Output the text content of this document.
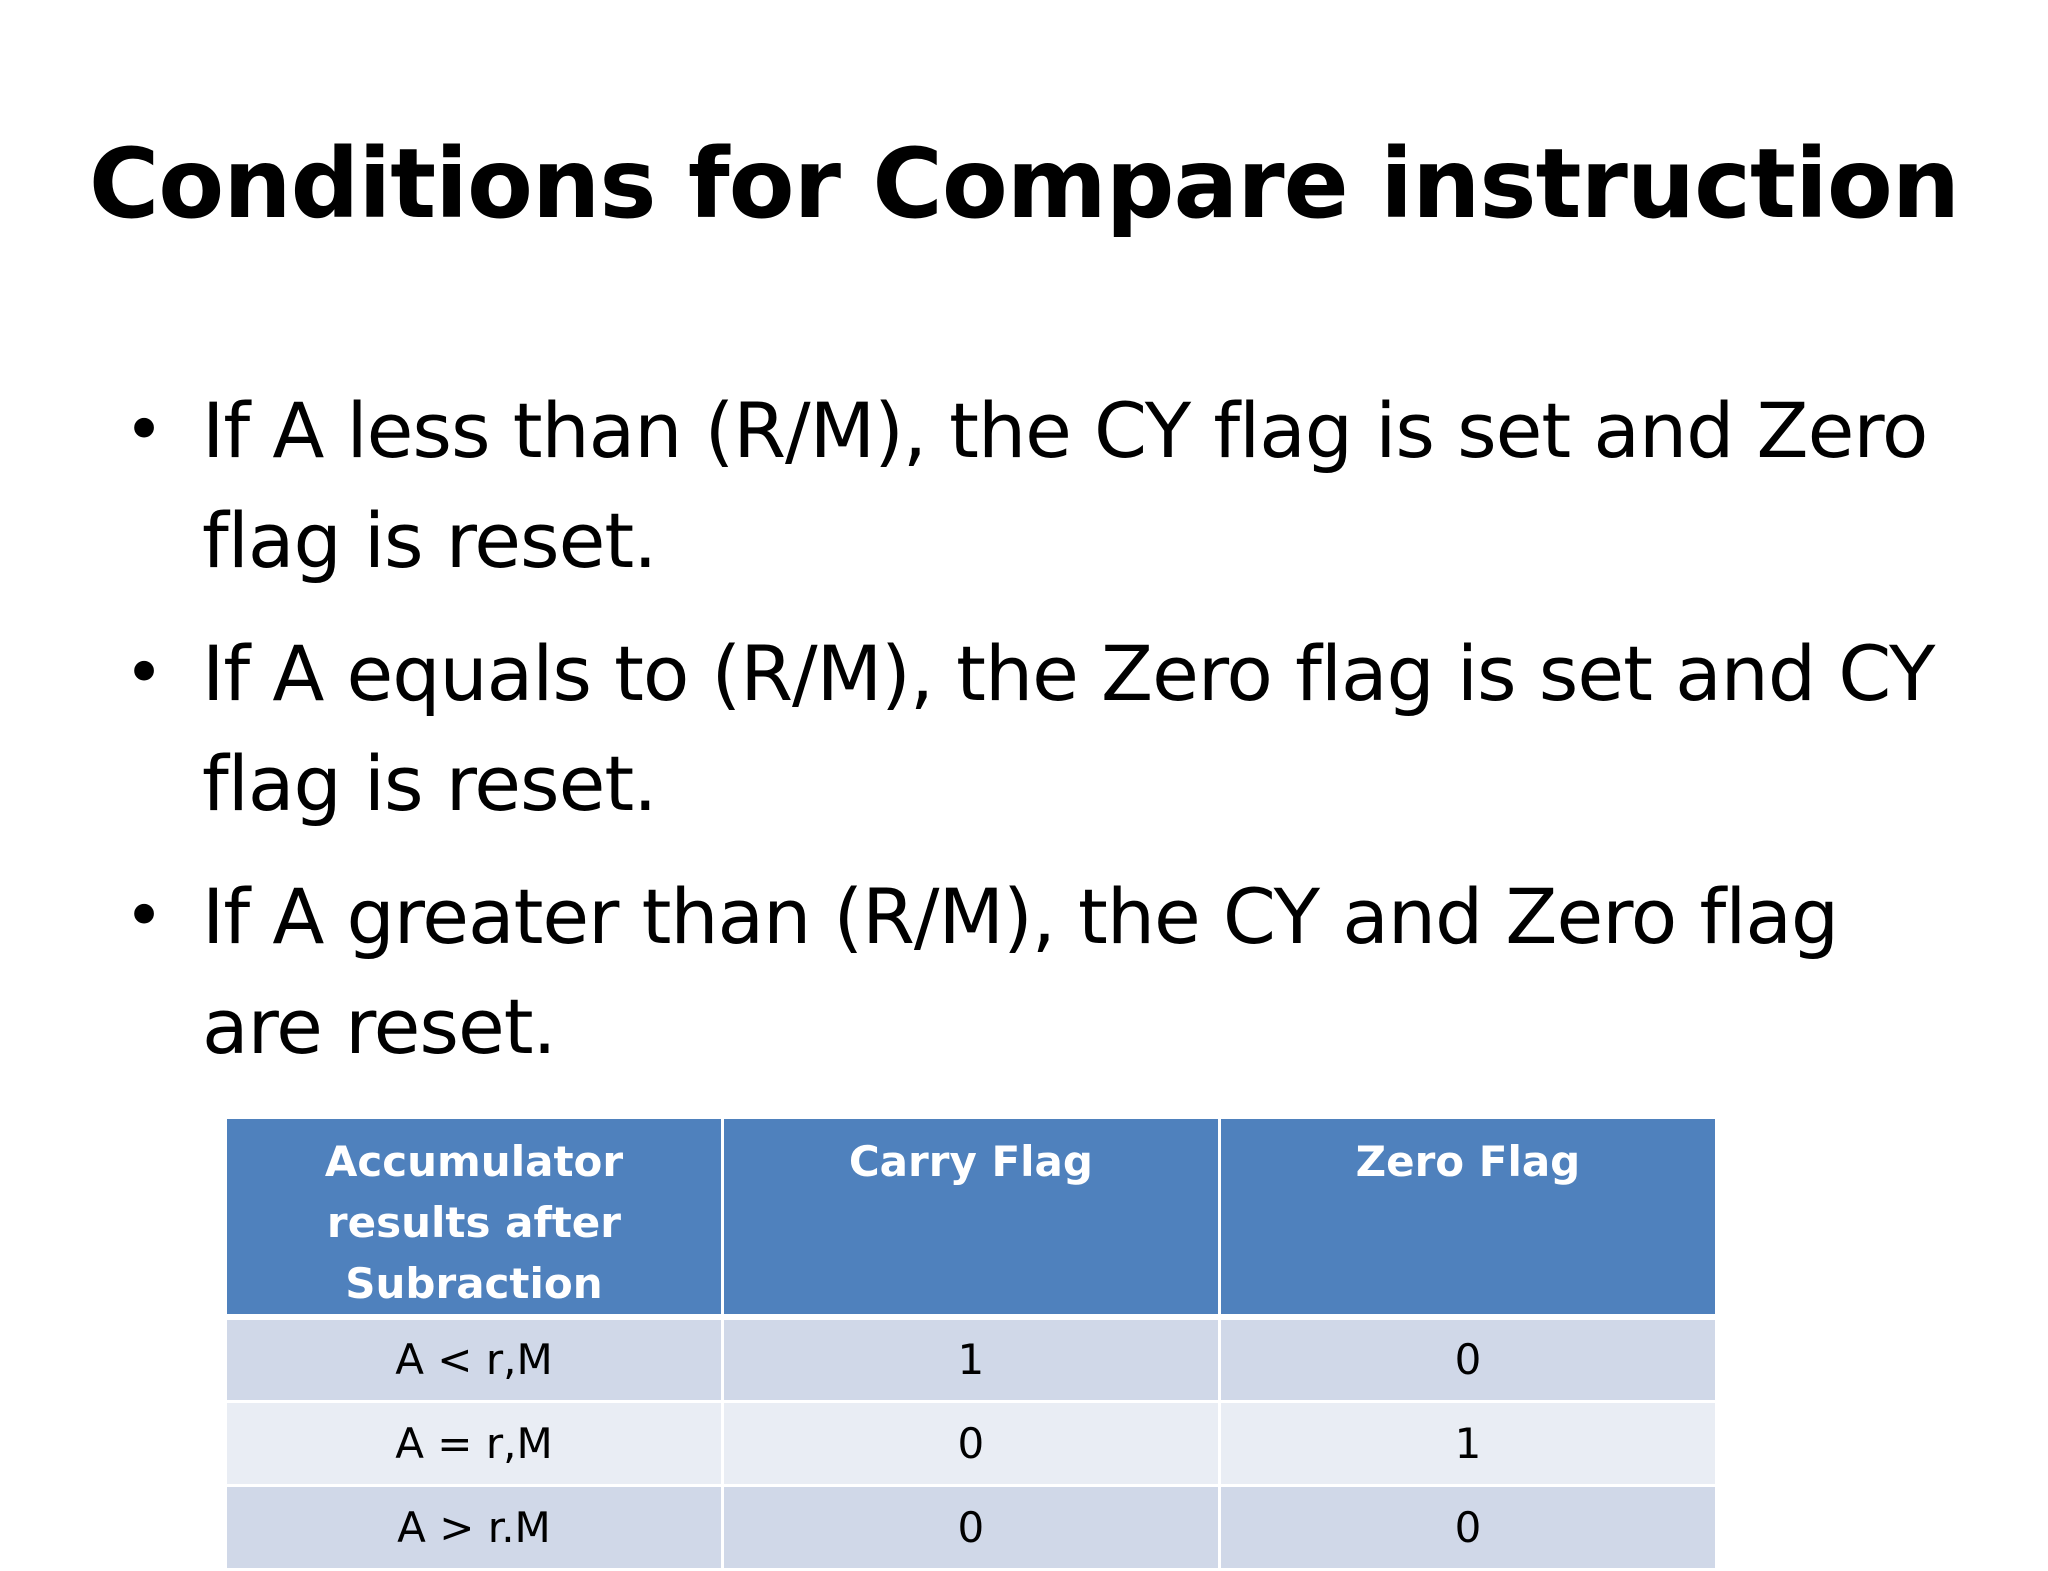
Conditions for Compare instruction
• If A less than (R/M), the CY flag is set and Zero flag is reset.
• If A equals to (R/M), the Zero flag is set and CY flag is reset.
• If A greater than (R/M), the CY and Zero flag are reset.
Accumulator results after Subraction	Carry Flag	Zero Flag
A < r,M	1	0
A = r,M	0	1
A > r.M	0	0
